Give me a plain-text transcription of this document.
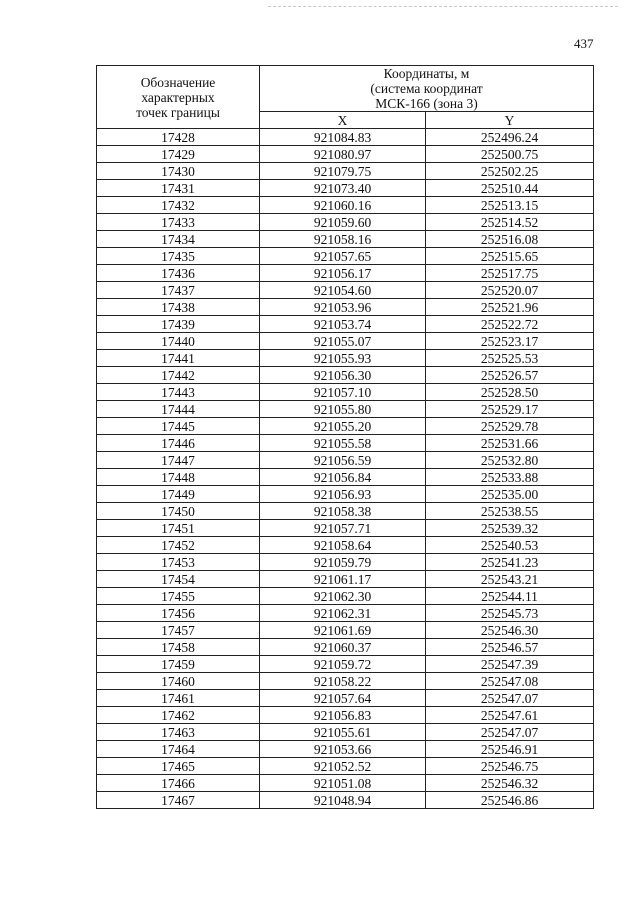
437
Обозначение
характерных
точек границы	Координаты, м
(система координат
МСК-166 (зона 3)	

	X	Y
17428	921084.83	252496.24
17429	921080.97	252500.75
17430	921079.75	252502.25
17431	921073.40	252510.44
17432	921060.16	252513.15
17433	921059.60	252514.52
17434	921058.16	252516.08
17435	921057.65	252515.65
17436	921056.17	252517.75
17437	921054.60	252520.07
17438	921053.96	252521.96
17439	921053.74	252522.72
17440	921055.07	252523.17
17441	921055.93	252525.53
17442	921056.30	252526.57
17443	921057.10	252528.50
17444	921055.80	252529.17
17445	921055.20	252529.78
17446	921055.58	252531.66
17447	921056.59	252532.80
17448	921056.84	252533.88
17449	921056.93	252535.00
17450	921058.38	252538.55
17451	921057.71	252539.32
17452	921058.64	252540.53
17453	921059.79	252541.23
17454	921061.17	252543.21
17455	921062.30	252544.11
17456	921062.31	252545.73
17457	921061.69	252546.30
17458	921060.37	252546.57
17459	921059.72	252547.39
17460	921058.22	252547.08
17461	921057.64	252547.07
17462	921056.83	252547.61
17463	921055.61	252547.07
17464	921053.66	252546.91
17465	921052.52	252546.75
17466	921051.08	252546.32
17467	921048.94	252546.86
